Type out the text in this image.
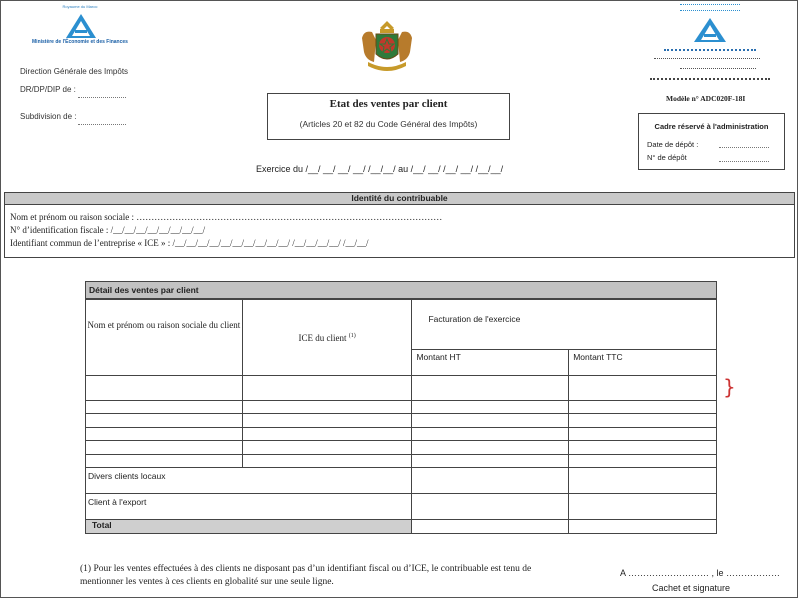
Royaume du Maroc
Ministère de l'Économie et des Finances
Direction Générale des Impôts
DR/DP/DIP de :
Subdivision de :
Etat des ventes par client
(Articles 20 et 82 du Code Général des Impôts)
Modèle n° ADC020F-18I
Cadre réservé à l'administration
Date de dépôt :
N° de dépôt
Exercice du /__/ __/ __/ __/ /__/__/ au /__/ __/ /__/ __/ /__/__/
Identité du contribuable
Nom et prénom ou raison sociale : …………………………………………………………………………………………
N° d’identification fiscale : /__/__/__/__/__/__/__/__/
Identifiant commun de l’entreprise « ICE » : /__/__/__/__/__/__/__/__/__/__/ /__/__/__/__/ /__/__/
Détail des ventes par client
Nom et prénom ou raison sociale du client	ICE du client $^{(1)}$	Facturation de l'exercice	
		Montant HT	Montant TTC

Divers clients locaux			
Client à l'export			
Total			
}
(1) Pour les ventes effectuées à des clients ne disposant pas d’un identifiant fiscal ou d’ICE, le contribuable est tenu de mentionner les ventes à ces clients en globalité sur une seule ligne.
A ……………………… , le ………………
Cachet et signature
